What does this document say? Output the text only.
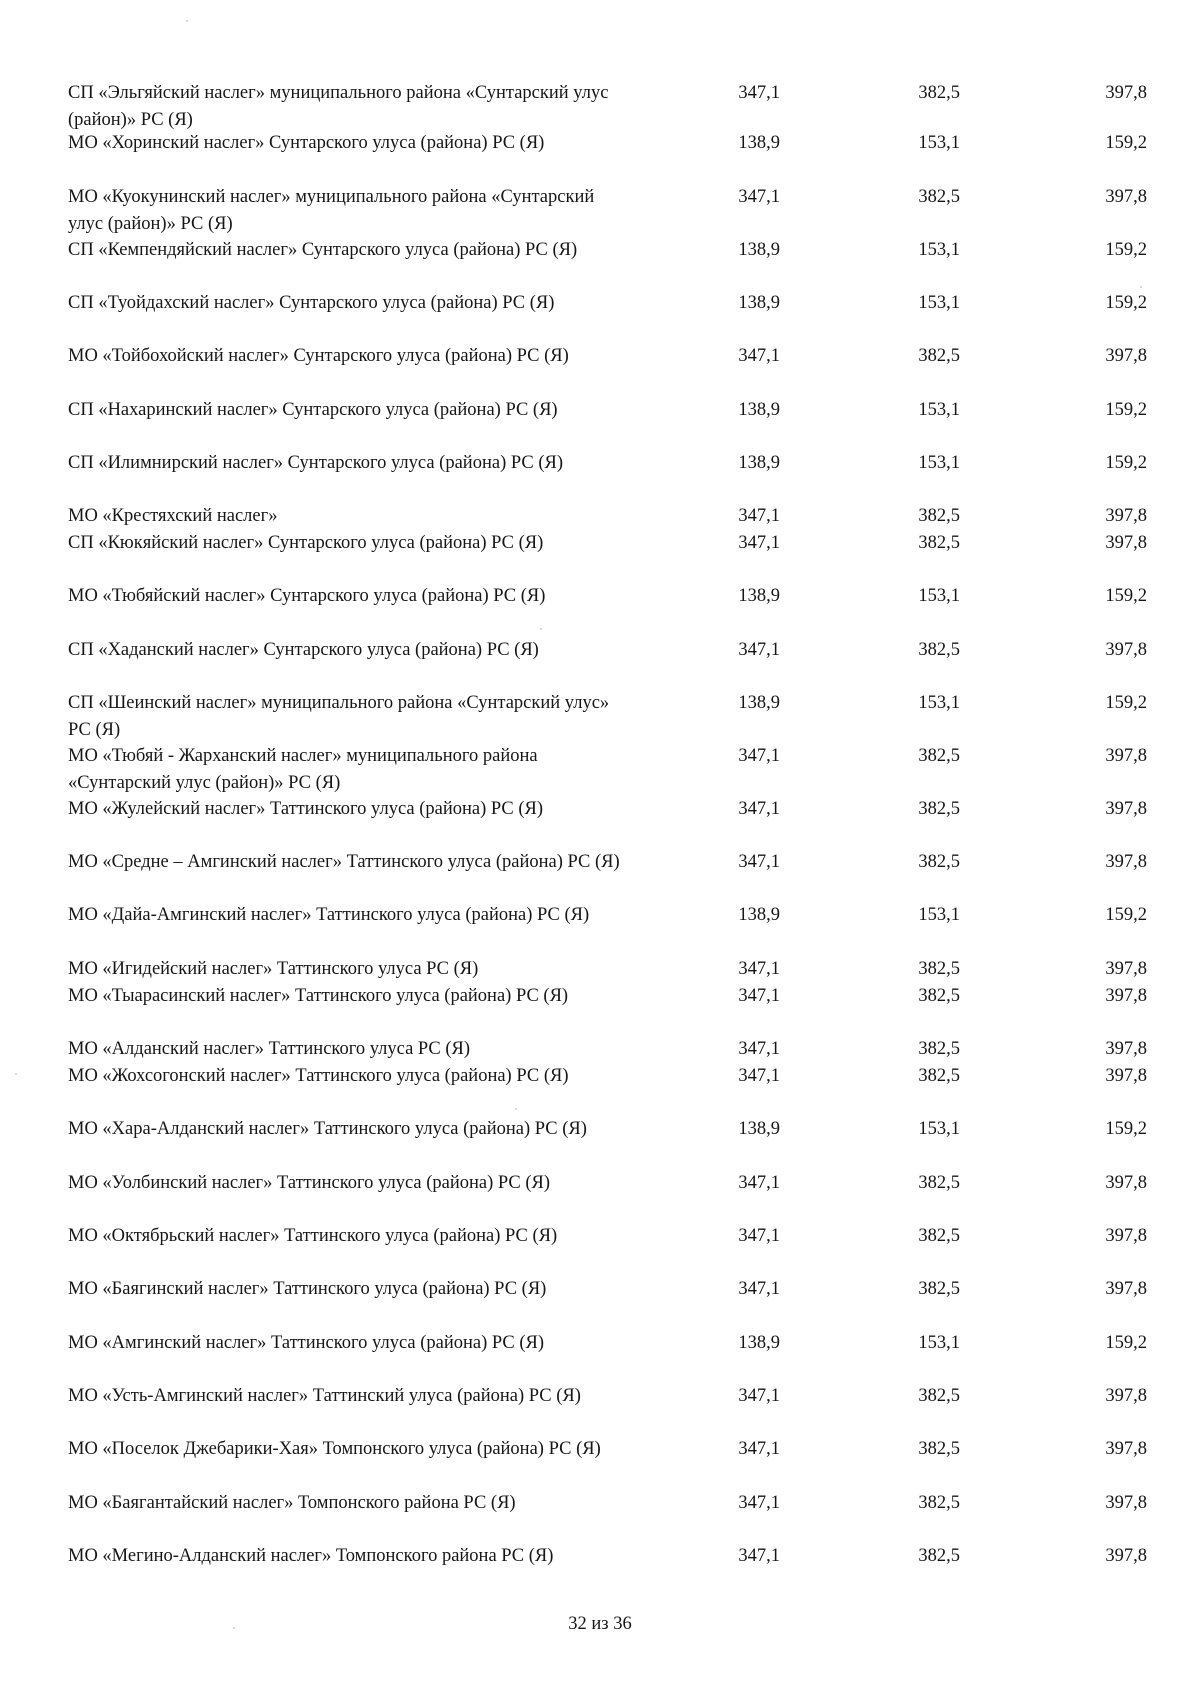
СП «Эльгяйский наслег» муниципального района «Сунтарский улус (район)» РС (Я)
347,1	382,5	397,8
МО «Хоринский наслег» Сунтарского улуса (района) РС (Я)	138,9	153,1	159,2
МО «Куокунинский наслег» муниципального района «Сунтарский улус (район)» РС (Я)
347,1	382,5	397,8
СП «Кемпендяйский наслег» Сунтарского улуса (района) РС (Я)	138,9	153,1	159,2
СП «Туойдахский наслег» Сунтарского улуса (района) РС (Я)	138,9	153,1	159,2
МО «Тойбохойский наслег» Сунтарского улуса (района) РС (Я)	347,1	382,5	397,8
СП «Нахаринский наслег» Сунтарского улуса (района) РС (Я)	138,9	153,1	159,2
СП «Илимнирский наслег» Сунтарского улуса (района) РС (Я)	138,9	153,1	159,2
МО «Крестяхский наслег»	347,1	382,5	397,8
СП «Кюкяйский наслег» Сунтарского улуса (района) РС (Я)	347,1	382,5	397,8
МО «Тюбяйский наслег» Сунтарского улуса (района) РС (Я)	138,9	153,1	159,2
СП «Хаданский наслег» Сунтарского улуса (района) РС (Я)	347,1	382,5	397,8
СП «Шеинский наслег» муниципального района «Сунтарский улус» РС (Я)
138,9	153,1	159,2
МО «Тюбяй - Жарханский наслег» муниципального района «Сунтарский улус (район)» РС (Я)
347,1	382,5	397,8
МО «Жулейский наслег» Таттинского улуса (района) РС (Я)	347,1	382,5	397,8
МО «Средне – Амгинский наслег» Таттинского улуса (района) РС (Я)	347,1	382,5	397,8
МО «Дайа-Амгинский наслег» Таттинского улуса (района) РС (Я)	138,9	153,1	159,2
МО «Игидейский наслег» Таттинского улуса РС (Я)	347,1	382,5	397,8
МО «Тыарасинский наслег» Таттинского улуса (района) РС (Я)	347,1	382,5	397,8
МО «Алданский наслег» Таттинского улуса РС (Я)	347,1	382,5	397,8
МО «Жохсогонский наслег» Таттинского улуса (района) РС (Я)	347,1	382,5	397,8
МО «Хара-Алданский наслег» Таттинского улуса (района) РС (Я)	138,9	153,1	159,2
МО «Уолбинский наслег» Таттинского улуса (района) РС (Я)	347,1	382,5	397,8
МО «Октябрьский наслег» Таттинского улуса (района) РС (Я)	347,1	382,5	397,8
МО «Баягинский наслег» Таттинского улуса (района) РС (Я)	347,1	382,5	397,8
МО «Амгинский наслег» Таттинского улуса (района) РС (Я)	138,9	153,1	159,2
МО «Усть-Амгинский наслег» Таттинский улуса (района) РС (Я)	347,1	382,5	397,8
МО «Поселок Джебарики-Хая» Томпонского улуса (района) РС (Я)	347,1	382,5	397,8
МО «Баягантайский наслег» Томпонского района РС (Я)	347,1	382,5	397,8
МО «Мегино-Алданский наслег» Томпонского района РС (Я)	347,1	382,5	397,8
32 из 36
